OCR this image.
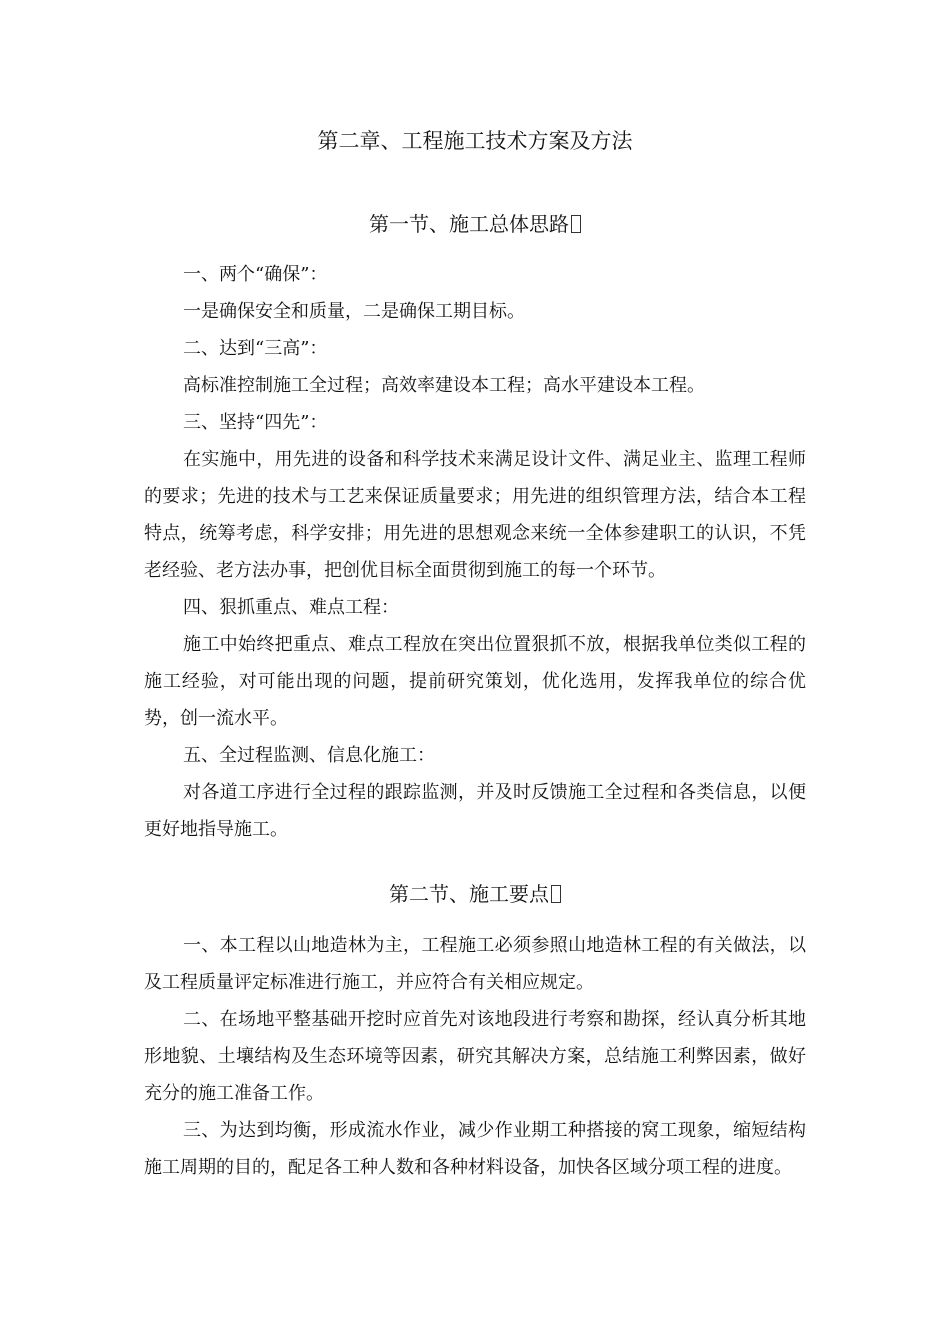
第二章、工程施工技术方案及方法
第一节、施工总体思路

一、两个“确保”：

一是确保安全和质量，二是确保工期目标。

二、达到“三高”：

高标准控制施工全过程；高效率建设本工程；高水平建设本工程。

三、坚持“四先”：

在实施中，用先进的设备和科学技术来满足设计文件、满足业主、监理工程师的要求；先进的技术与工艺来保证质量要求；用先进的组织管理方法，结合本工程特点，统筹考虑，科学安排；用先进的思想观念来统一全体参建职工的认识，不凭老经验、老方法办事，把创优目标全面贯彻到施工的每一个环节。

四、狠抓重点、难点工程：

施工中始终把重点、难点工程放在突出位置狠抓不放，根据我单位类似工程的施工经验，对可能出现的问题，提前研究策划，优化选用，发挥我单位的综合优势，创一流水平。

五、全过程监测、信息化施工：

对各道工序进行全过程的跟踪监测，并及时反馈施工全过程和各类信息，以便更好地指导施工。

第二节、施工要点

一、本工程以山地造林为主，工程施工必须参照山地造林工程的有关做法，以及工程质量评定标准进行施工，并应符合有关相应规定。

二、在场地平整基础开挖时应首先对该地段进行考察和勘探，经认真分析其地形地貌、土壤结构及生态环境等因素，研究其解决方案，总结施工利弊因素，做好充分的施工准备工作。

三、为达到均衡，形成流水作业，减少作业期工种搭接的窝工现象，缩短结构施工周期的目的，配足各工种人数和各种材料设备，加快各区域分项工程的进度。
